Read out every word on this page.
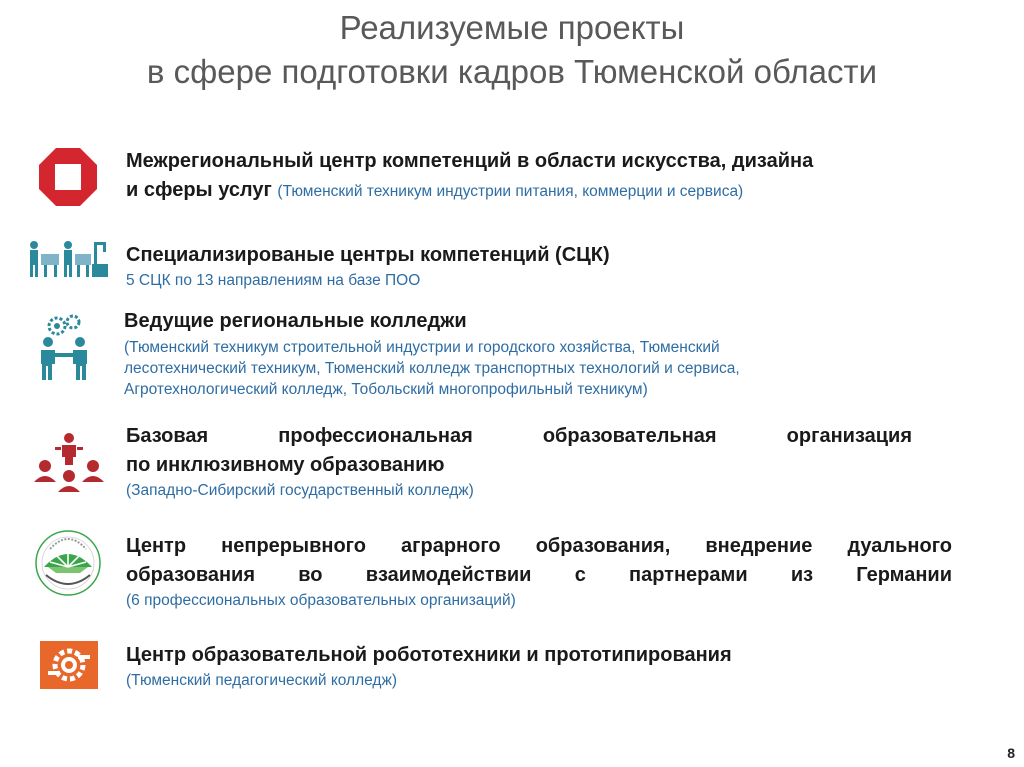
Реализуемые проекты
в сфере подготовки кадров Тюменской области
Межрегиональный центр компетенций в области искусства, дизайна
и сферы услуг (Тюменский техникум индустрии питания, коммерции и сервиса)
Специализированые центры компетенций (СЦК)
5 СЦК по 13 направлениям на базе ПОО
Ведущие региональные колледжи
(Тюменский техникум строительной индустрии и городского хозяйства, Тюменский
лесотехнический техникум, Тюменский колледж транспортных технологий и сервиса,
Агротехнологический колледж, Тобольский многопрофильный техникум)
Базовая профессиональная образовательная организация
по инклюзивному образованию
(Западно-Сибирский государственный колледж)
Центр непрерывного аграрного образования, внедрение дуального
образования во взаимодействии с партнерами из Германии
(6 профессиональных образовательных организаций)
Центр образовательной робототехники и прототипирования
(Тюменский педагогический колледж)
8
